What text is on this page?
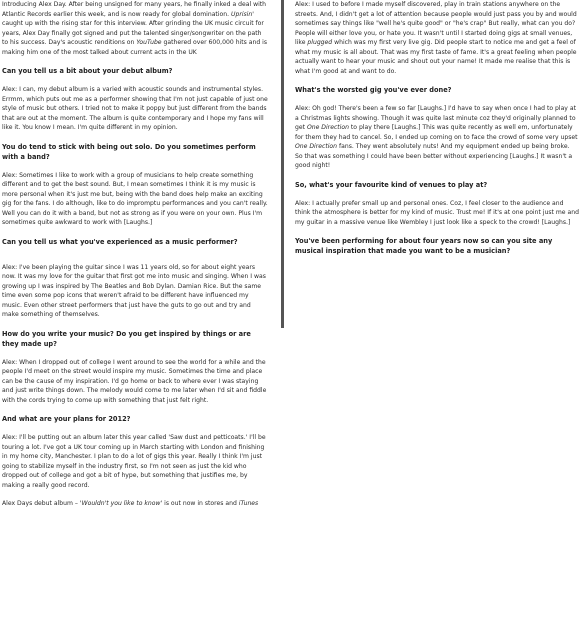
Introducing Alex Day. After being unsigned for many years, he finally inked a deal with Atlantic Records earlier this week, and is now ready for global domination. Uprisin' caught up with the rising star for this interview. After grinding the UK music circuit for years, Alex Day finally got signed and put the talented singer/songwriter on the path to his success. Day's acoustic renditions on YouTube gathered over 600,000 hits and is making him one of the most talked about current acts in the UK

Can you tell us a bit about your debut album?

Alex: I can, my debut album is a varied with acoustic sounds and instrumental styles. Errmm, which puts out me as a performer showing that I'm not just capable of just one style of music but others. I tried not to make it poppy but just different from the bands that are out at the moment. The album is quite contemporary and I hope my fans will like it. You know I mean. I'm quite different in my opinion.

You do tend to stick with being out solo. Do you sometimes perform with a band?

Alex: Sometimes I like to work with a group of musicians to help create something different and to get the best sound. But, I mean sometimes I think it is my music is more personal when it's just me but, being with the band does help make an exciting gig for the fans. I do although, like to do impromptu performances and you can't really. Well you can do it with a band, but not as strong as if you were on your own. Plus I'm sometimes quite awkward to work with [Laughs.]

Can you tell us what you've experienced as a music performer?

Alex: I've been playing the guitar since I was 11 years old, so for about eight years now. It was my love for the guitar that first got me into music and singing. When I was growing up I was inspired by The Beatles and Bob Dylan. Damian Rice. But the same time even some pop icons that weren't afraid to be different have influenced my music. Even other street performers that just have the guts to go out and try and make something of themselves.

How do you write your music? Do you get inspired by things or are they made up?

Alex: When I dropped out of college I went around to see the world for a while and the people I'd meet on the street would inspire my music. Sometimes the time and place can be the cause of my inspiration. I'd go home or back to where ever I was staying and just write things down. The melody would come to me later when I'd sit and fiddle with the cords trying to come up with something that just felt right.

And what are your plans for 2012?

Alex: I'll be putting out an album later this year called 'Saw dust and petticoats.' I'll be touring a lot. I've got a UK tour coming up in March starting with London and finishing in my home city, Manchester. I plan to do a lot of gigs this year. Really I think I'm just going to stabilize myself in the industry first, so I'm not seen as just the kid who dropped out of college and got a bit of hype, but something that justifies me, by making a really good record.

Alex Days debut album – 'Wouldn't you like to know' is out now in stores and iTunes

Alex: I used to before I made myself discovered, play in train stations anywhere on the streets. And, I didn't get a lot of attention because people would just pass you by and would sometimes say things like "well he's quite good" or "he's crap" But really, what can you do? People will either love you, or hate you. It wasn't until I started doing gigs at small venues, like plugged which was my first very live gig. Did people start to notice me and get a feel of what my music is all about. That was my first taste of fame. It's a great feeling when people actually want to hear your music and shout out your name! It made me realise that this is what I'm good at and want to do.

What's the worsted gig you've ever done?

Alex: Oh god! There's been a few so far [Laughs.] I'd have to say when once I had to play at a Christmas lights showing. Though it was quite last minute coz they'd originally planned to get One Direction to play there [Laughs.] This was quite recently as well em, unfortunately for them they had to cancel. So, I ended up coming on to face the crowd of some very upset One Direction fans. They went absolutely nuts! And my equipment ended up being broke. So that was something I could have been better without experiencing [Laughs.] It wasn't a good night!

So, what's your favourite kind of venues to play at?

Alex: I actually prefer small up and personal ones. Coz, I feel closer to the audience and think the atmosphere is better for my kind of music. Trust me! If it's at one point just me and my guitar in a massive venue like Wembley I just look like a speck to the crowd! [Laughs.]

You've been performing for about four years now so can you site any musical inspiration that made you want to be a musician?
